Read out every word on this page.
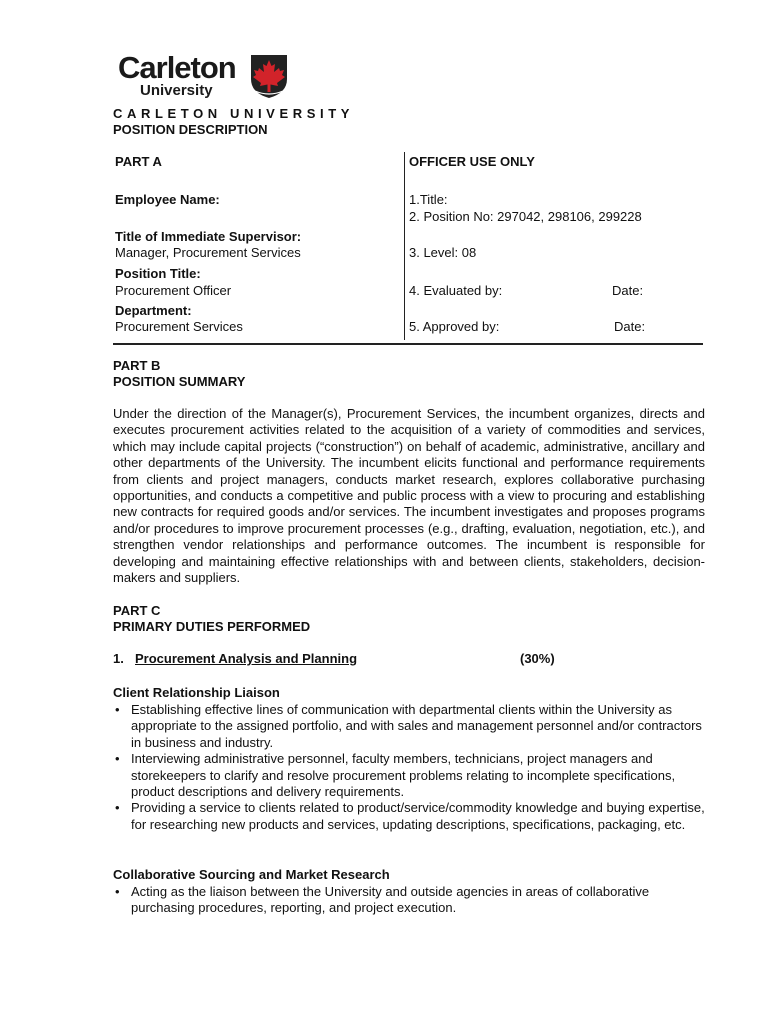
Carleton
University
CARLETON UNIVERSITY
POSITION DESCRIPTION
PART A	OFFICER USE ONLY
Employee Name:	1.Title:
2. Position No: 297042, 298106, 299228
Title of Immediate Supervisor:
Manager, Procurement Services	3. Level: 08
Position Title:
Procurement Officer	4. Evaluated by:	Date:
Department:
Procurement Services	5. Approved by:	Date:
PART B
POSITION SUMMARY

Under the direction of the Manager(s), Procurement Services, the incumbent organizes, directs and executes procurement activities related to the acquisition of a variety of commodities and services, which may include capital projects (“construction”) on behalf of academic, administrative, ancillary and other departments of the University. The incumbent elicits functional and performance requirements from clients and project managers, conducts market research, explores collaborative purchasing opportunities, and conducts a competitive and public process with a view to procuring and establishing new contracts for required goods and/or services. The incumbent investigates and proposes programs and/or procedures to improve procurement processes (e.g., drafting, evaluation, negotiation, etc.), and strengthen vendor relationships and performance outcomes. The incumbent is responsible for developing and maintaining effective relationships with and between clients, stakeholders, decision-makers and suppliers.

PART C
PRIMARY DUTIES PERFORMED
1. Procurement Analysis and Planning	(30%)
Client Relationship Liaison
• Establishing effective lines of communication with departmental clients within the University as appropriate to the assigned portfolio, and with sales and management personnel and/or contractors in business and industry.
• Interviewing administrative personnel, faculty members, technicians, project managers and storekeepers to clarify and resolve procurement problems relating to incomplete specifications, product descriptions and delivery requirements.
• Providing a service to clients related to product/service/commodity knowledge and buying expertise, for researching new products and services, updating descriptions, specifications, packaging, etc.
Collaborative Sourcing and Market Research
• Acting as the liaison between the University and outside agencies in areas of collaborative purchasing procedures, reporting, and project execution.
